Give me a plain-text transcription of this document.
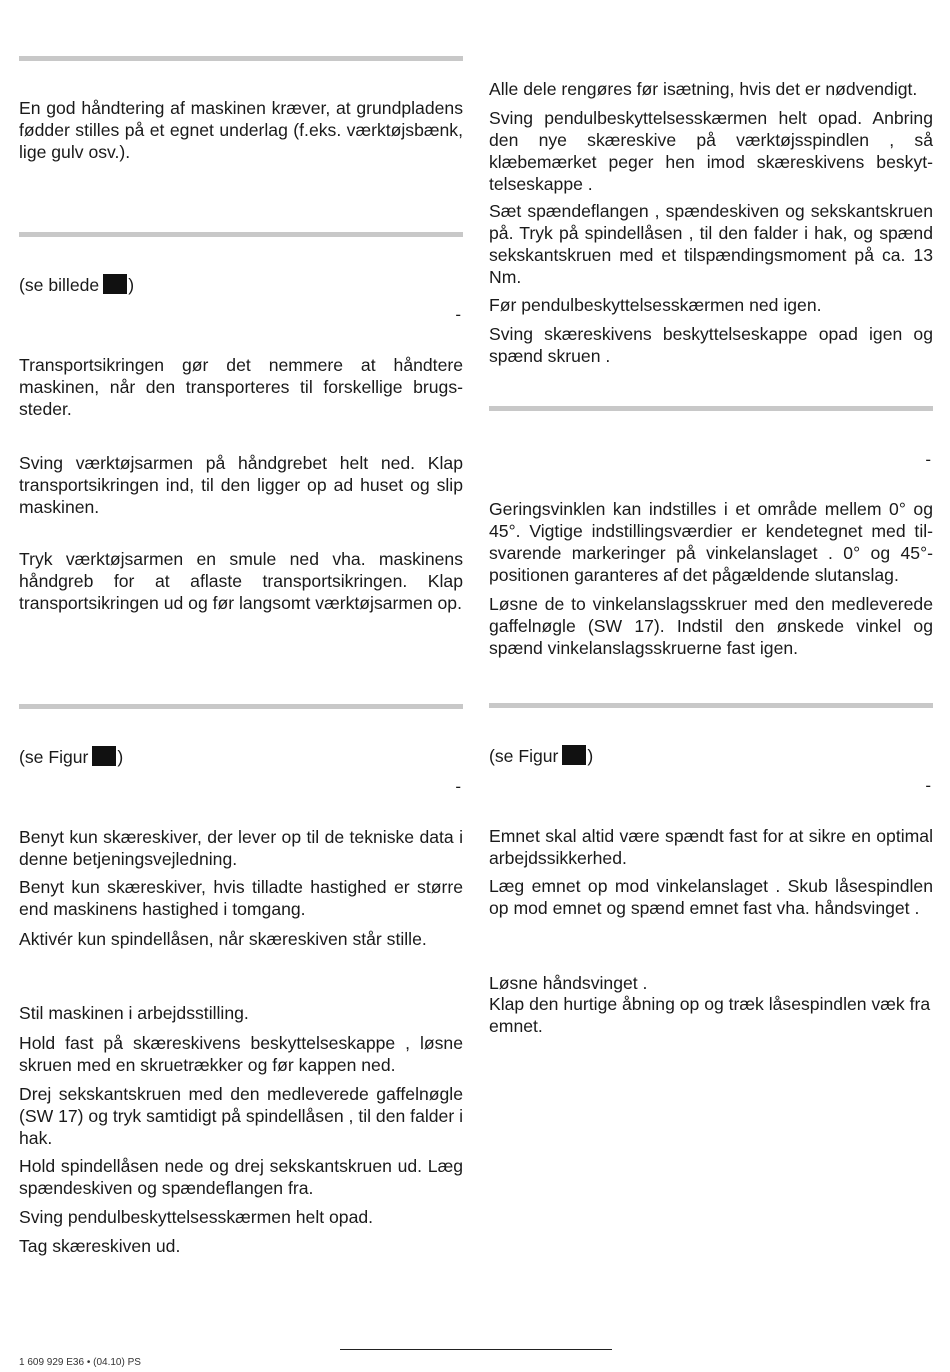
En god håndtering af maskinen kræver, at grundpladens fødder stilles på et egnet underlag (f.eks. værktøjsbænk, lige gulv osv.).

(se billede )
-

Transportsikringen gør det nemmere at håndtere maskinen, når den transporteres til forskellige brugssteder.

Sving værktøjsarmen på håndgrebet helt ned. Klap transportsikringen ind, til den ligger op ad huset og slip maskinen.

Tryk værktøjsarmen en smule ned vha. maskinens håndgreb for at aflaste transportsikringen. Klap transportsikringen ud og før langsomt værktøjsarmen op.

(se Figur )
-

Benyt kun skæreskiver, der lever op til de tekniske data i denne betjeningsvejledning.

Benyt kun skæreskiver, hvis tilladte hastighed er større end maskinens hastighed i tomgang.

Aktivér kun spindellåsen, når skæreskiven står stille.

Stil maskinen i arbejdsstilling.

Hold fast på skæreskivens beskyttelseskappe , løsne skruen med en skruetrækker og før kappen ned.

Drej sekskantskruen med den medleverede gaffelnøgle (SW 17) og tryk samtidigt på spindellåsen , til den falder i hak.

Hold spindellåsen nede og drej sekskantskruen ud. Læg spændeskiven og spændeflangen fra.

Sving pendulbeskyttelsesskærmen helt opad.

Tag skæreskiven ud.

Alle dele rengøres før isætning, hvis det er nødvendigt.

Sving pendulbeskyttelsesskærmen helt opad. Anbring den nye skæreskive på værktøjsspindlen , så klæbemærket peger hen imod skæreskivens beskyttelseskappe .

Sæt spændeflangen , spændeskiven og sekskantskruen på. Tryk på spindellåsen , til den falder i hak, og spænd sekskantskruen med et tilspændingsmoment på ca. 13 Nm.

Før pendulbeskyttelsesskærmen ned igen.

Sving skæreskivens beskyttelseskappe opad igen og spænd skruen .

-

Geringsvinklen kan indstilles i et område mellem 0° og 45°. Vigtige indstillingsværdier er kendetegnet med tilsvarende markeringer på vinkelanslaget . 0° og 45°-positionen garanteres af det pågældende slutanslag.

Løsne de to vinkelanslagsskruer med den medleverede gaffelnøgle (SW 17). Indstil den ønskede vinkel og spænd vinkelanslagsskruerne fast igen.

(se Figur )
-

Emnet skal altid være spændt fast for at sikre en optimal arbejdssikkerhed.

Læg emnet op mod vinkelanslaget . Skub låsespindlen op mod emnet og spænd emnet fast vha. håndsvinget .

Løsne håndsvinget .

Klap den hurtige åbning op og træk låsespindlen væk fra emnet.

1 609 929 E36 • (04.10) PS
